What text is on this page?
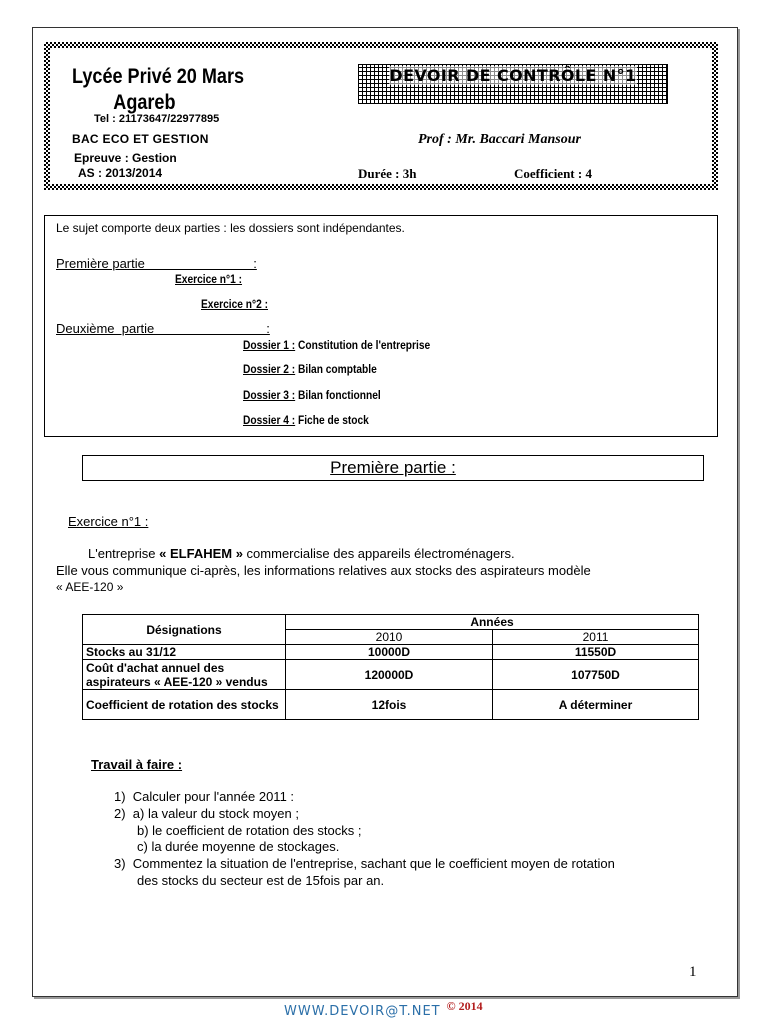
Lycée Privé 20 Mars
Agareb
Tel : 21173647/22977895
BAC ECO ET GESTION
Epreuve : Gestion
AS : 2013/2014
DEVOIR DE CONTRÔLE N°1
Prof : Mr. Baccari Mansour
Durée : 3h	Coefficient : 4
Le sujet comporte deux parties : les dossiers sont indépendantes.
Première partie                              :
Exercice n°1 :
Exercice n°2 :
Deuxième  partie                               :
Dossier 1 : Constitution de l'entreprise
Dossier 2 : Bilan comptable
Dossier 3 : Bilan fonctionnel
Dossier 4 : Fiche de stock
Première partie :
Exercice n°1 :
L'entreprise « ELFAHEM » commercialise des appareils électroménagers.
Elle vous communique ci-après, les informations relatives aux stocks des aspirateurs modèle
« AEE-120 »
Désignations	Années	
	2010	2011
Stocks au 31/12	10000D	11550D
Coût d'achat annuel des aspirateurs « AEE-120 » vendus	120000D	107750D
Coefficient de rotation des stocks	12fois	A déterminer
Travail à faire :
1)  Calculer pour l'année 2011 :
2)  a) la valeur du stock moyen ;
b) le coefficient de rotation des stocks ;
c) la durée moyenne de stockages.
3)  Commentez la situation de l'entreprise, sachant que le coefficient moyen de rotation
des stocks du secteur est de 15fois par an.
1
WWW.DEVOIR@T.NET © 2014
